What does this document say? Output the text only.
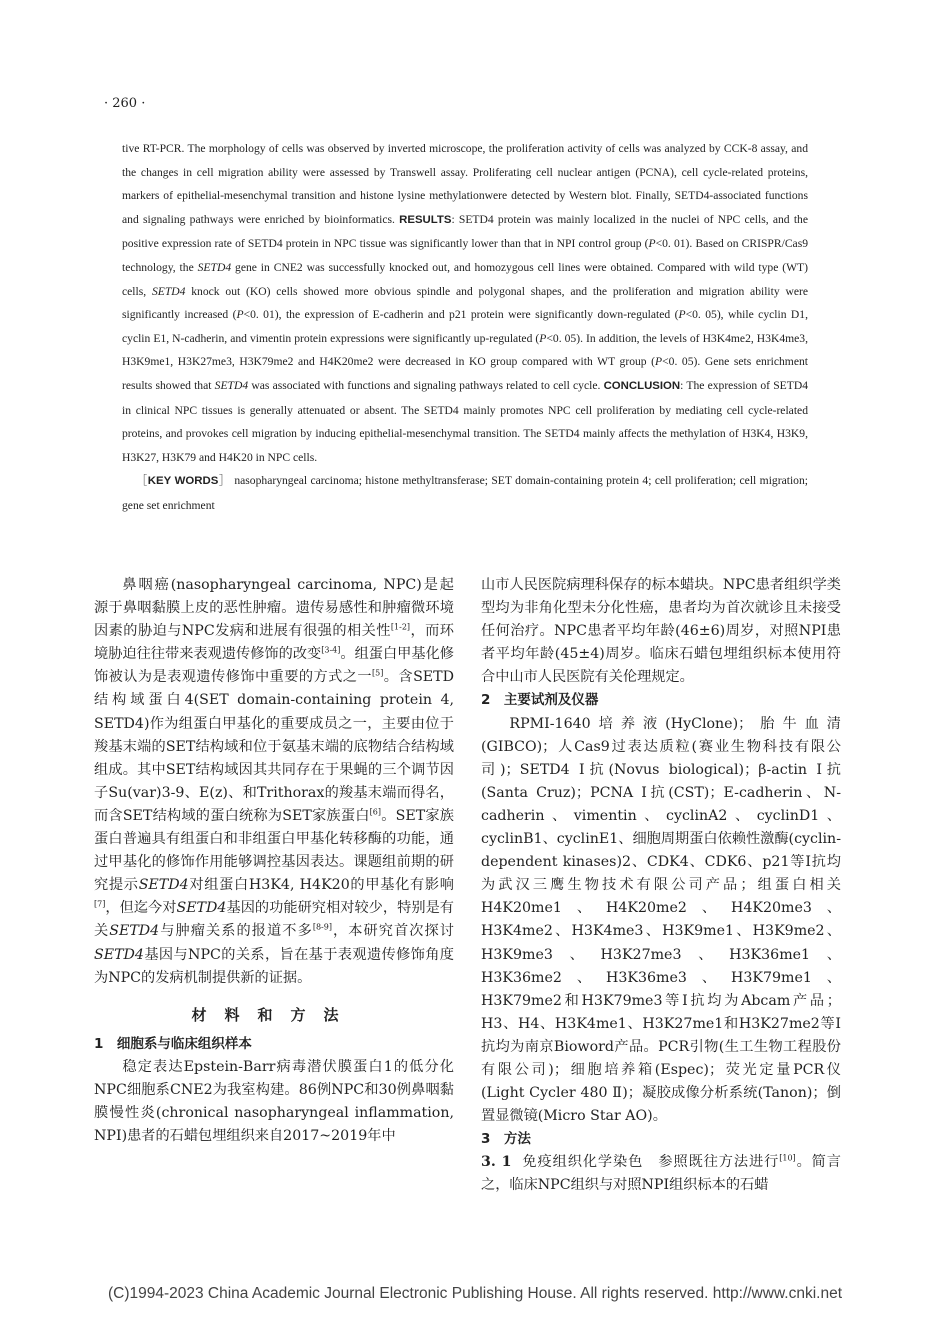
· 260 ·

tive RT-PCR. The morphology of cells was observed by inverted microscope, the proliferation activity of cells was analyzed by CCK-8 assay, and the changes in cell migration ability were assessed by Transwell assay. Proliferating cell nuclear antigen (PCNA), cell cycle-related proteins, markers of epithelial-mesenchymal transition and histone lysine methylationwere detected by Western blot. Finally, SETD4-associated functions and signaling pathways were enriched by bioinformatics. RESULTS: SETD4 protein was mainly localized in the nuclei of NPC cells, and the positive expression rate of SETD4 protein in NPC tissue was significantly lower than that in NPI control group (P<0. 01). Based on CRISPR/Cas9 technology, the SETD4 gene in CNE2 was successfully knocked out, and homozygous cell lines were obtained. Compared with wild type (WT) cells, SETD4 knock out (KO) cells showed more obvious spindle and polygonal shapes, and the proliferation and migration ability were significantly increased (P<0. 01), the expression of E-cadherin and p21 protein were significantly down-regulated (P<0. 05), while cyclin D1, cyclin E1, N-cadherin, and vimentin protein expressions were significantly up-regulated (P<0. 05). In addition, the levels of H3K4me2, H3K4me3, H3K9me1, H3K27me3, H3K79me2 and H4K20me2 were decreased in KO group compared with WT group (P<0. 05). Gene sets enrichment results showed that SETD4 was associated with functions and signaling pathways related to cell cycle. CONCLUSION: The expression of SETD4 in clinical NPC tissues is generally attenuated or absent. The SETD4 mainly promotes NPC cell proliferation by mediating cell cycle-related proteins, and provokes cell migration by inducing epithelial-mesenchymal transition. The SETD4 mainly affects the methylation of H3K4, H3K9, H3K27, H3K79 and H4K20 in NPC cells.

［KEY WORDS］ nasopharyngeal carcinoma; histone methyltransferase; SET domain-containing protein 4; cell proliferation; cell migration; gene set enrichment

鼻咽癌(nasopharyngeal carcinoma, NPC)是起源于鼻咽黏膜上皮的恶性肿瘤。遗传易感性和肿瘤微环境因素的胁迫与NPC发病和进展有很强的相关性[1-2]，而环境胁迫往往带来表观遗传修饰的改变[3-4]。组蛋白甲基化修饰被认为是表观遗传修饰中重要的方式之一[5]。含SETD结构域蛋白4(SET domain-containing protein 4, SETD4)作为组蛋白甲基化的重要成员之一，主要由位于羧基末端的SET结构域和位于氨基末端的底物结合结构域组成。其中SET结构域因其共同存在于果蝇的三个调节因子Su(var)3-9、E(z)、和Trithorax的羧基末端而得名，而含SET结构域的蛋白统称为SET家族蛋白[6]。SET家族蛋白普遍具有组蛋白和非组蛋白甲基化转移酶的功能，通过甲基化的修饰作用能够调控基因表达。课题组前期的研究提示SETD4对组蛋白H3K4, H4K20的甲基化有影响[7]，但迄今对SETD4基因的功能研究相对较少，特别是有关SETD4与肿瘤关系的报道不多[8-9]，本研究首次探讨SETD4基因与NPC的关系，旨在基于表观遗传修饰角度为NPC的发病机制提供新的证据。

材料和方法

1　细胞系与临床组织样本

稳定表达Epstein-Barr病毒潜伏膜蛋白1的低分化NPC细胞系CNE2为我室构建。86例NPC和30例鼻咽黏膜慢性炎(chronical nasopharyngeal inflammation, NPI)患者的石蜡包埋组织来自2017~2019年中

山市人民医院病理科保存的标本蜡块。NPC患者组织学类型均为非角化型未分化性癌，患者均为首次就诊且未接受任何治疗。NPC患者平均年龄(46±6)周岁，对照NPI患者平均年龄(45±4)周岁。临床石蜡包埋组织标本使用符合中山市人民医院有关伦理规定。

2　主要试剂及仪器

RPMI-1640培养液(HyClone)；胎牛血清(GIBCO)；人Cas9过表达质粒(赛业生物科技有限公司)；SETD4 Ⅰ抗(Novus biological)；β-actin Ⅰ抗(Santa Cruz)；PCNA Ⅰ抗(CST)；E-cadherin、N-cadherin、vimentin、cyclinA2、cyclinD1、cyclinB1、cyclinE1、细胞周期蛋白依赖性激酶(cyclin-dependent kinases)2、CDK4、CDK6、p21等Ⅰ抗均为武汉三鹰生物技术有限公司产品；组蛋白相关H4K20me1、H4K20me2、H4K20me3、H3K4me2、H3K4me3、H3K9me1、H3K9me2、H3K9me3、H3K27me3、H3K36me1、H3K36me2、H3K36me3、H3K79me1、H3K79me2和H3K79me3等Ⅰ抗均为Abcam产品；H3、H4、H3K4me1、H3K27me1和H3K27me2等Ⅰ抗均为南京Bioword产品。PCR引物(生工生物工程股份有限公司)；细胞培养箱(Espec)；荧光定量PCR仪(Light Cycler 480 Ⅱ)；凝胶成像分析系统(Tanon)；倒置显微镜(Micro Star AO)。

3　方法

3. 1 免疫组织化学染色　参照既往方法进行[10]。简言之，临床NPC组织与对照NPI组织标本的石蜡

(C)1994-2023 China Academic Journal Electronic Publishing House. All rights reserved. http://www.cnki.net
